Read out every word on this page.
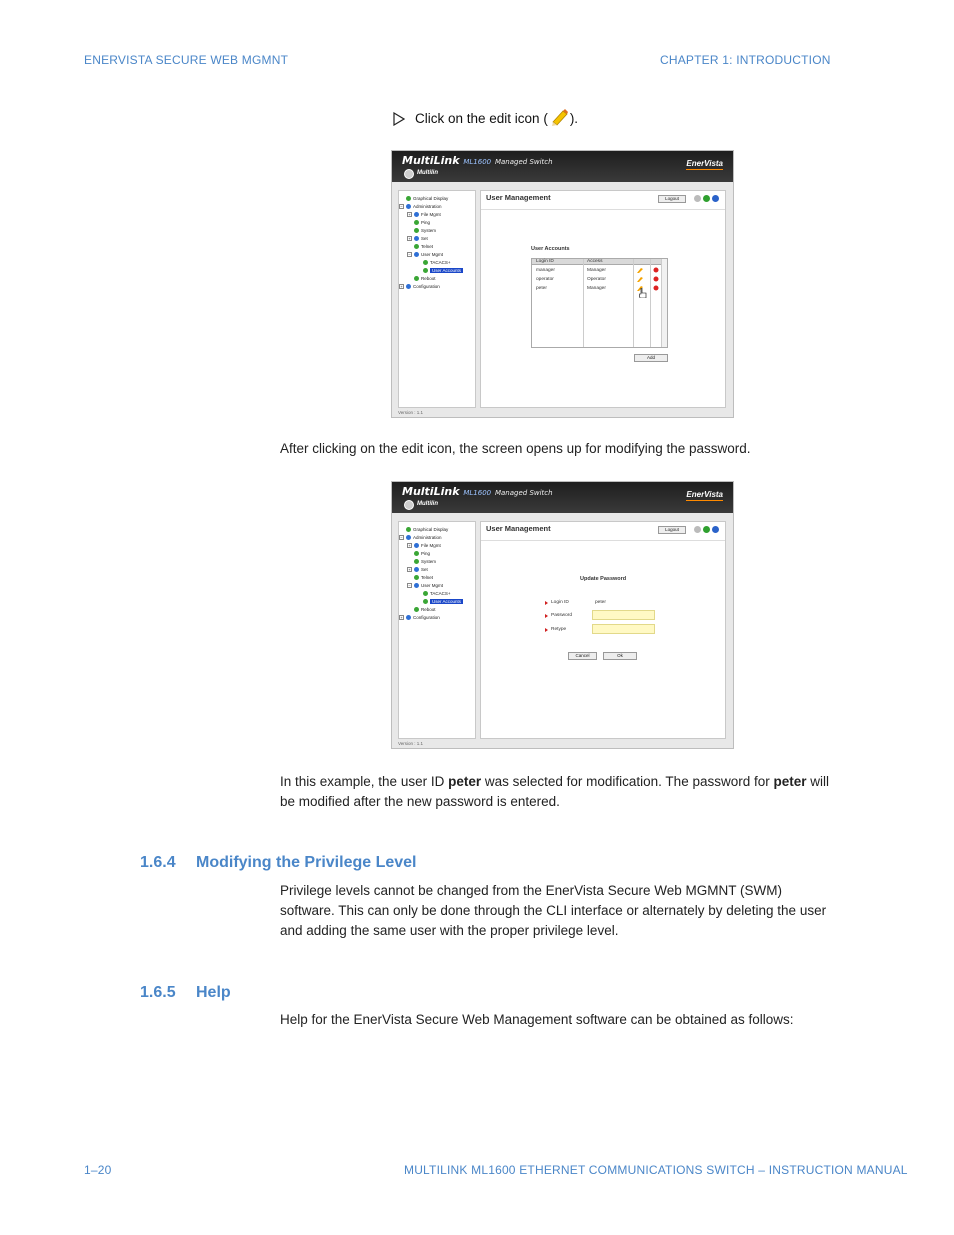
ENERVISTA SECURE WEB MGMNT	CHAPTER 1: INTRODUCTION
Click on the edit icon ( ).
MultiLink ML1600 Managed Switch
Multilin
EnerVista
Graphical Display
− Administration
+ File Mgmt
Ping
System
+ Set
Telnet
− User Mgmt
TACACS+
User Accounts
Reboot
+ Configuration
User Management	Logout
User Accounts
Login ID	Access
manager	Manager
operator	Operator
peter	Manager
Add
Version : 1.1
After clicking on the edit icon, the screen opens up for modifying the password.
MultiLink ML1600 Managed Switch
Multilin
EnerVista
Graphical Display
− Administration
+ File Mgmt
Ping
System
+ Set
Telnet
− User Mgmt
TACACS+
User Accounts
Reboot
+ Configuration
User Management	Logout
Update Password
Login ID	peter
Password
Retype
Cancel	Ok
Version : 1.1
In this example, the user ID peter was selected for modification. The password for peter will be modified after the new password is entered.
1.6.4 Modifying the Privilege Level
Privilege levels cannot be changed from the EnerVista Secure Web MGMNT (SWM) software. This can only be done through the CLI interface or alternately by deleting the user and adding the same user with the proper privilege level.
1.6.5 Help
Help for the EnerVista Secure Web Management software can be obtained as follows:
1–20	MULTILINK ML1600 ETHERNET COMMUNICATIONS SWITCH – INSTRUCTION MANUAL
